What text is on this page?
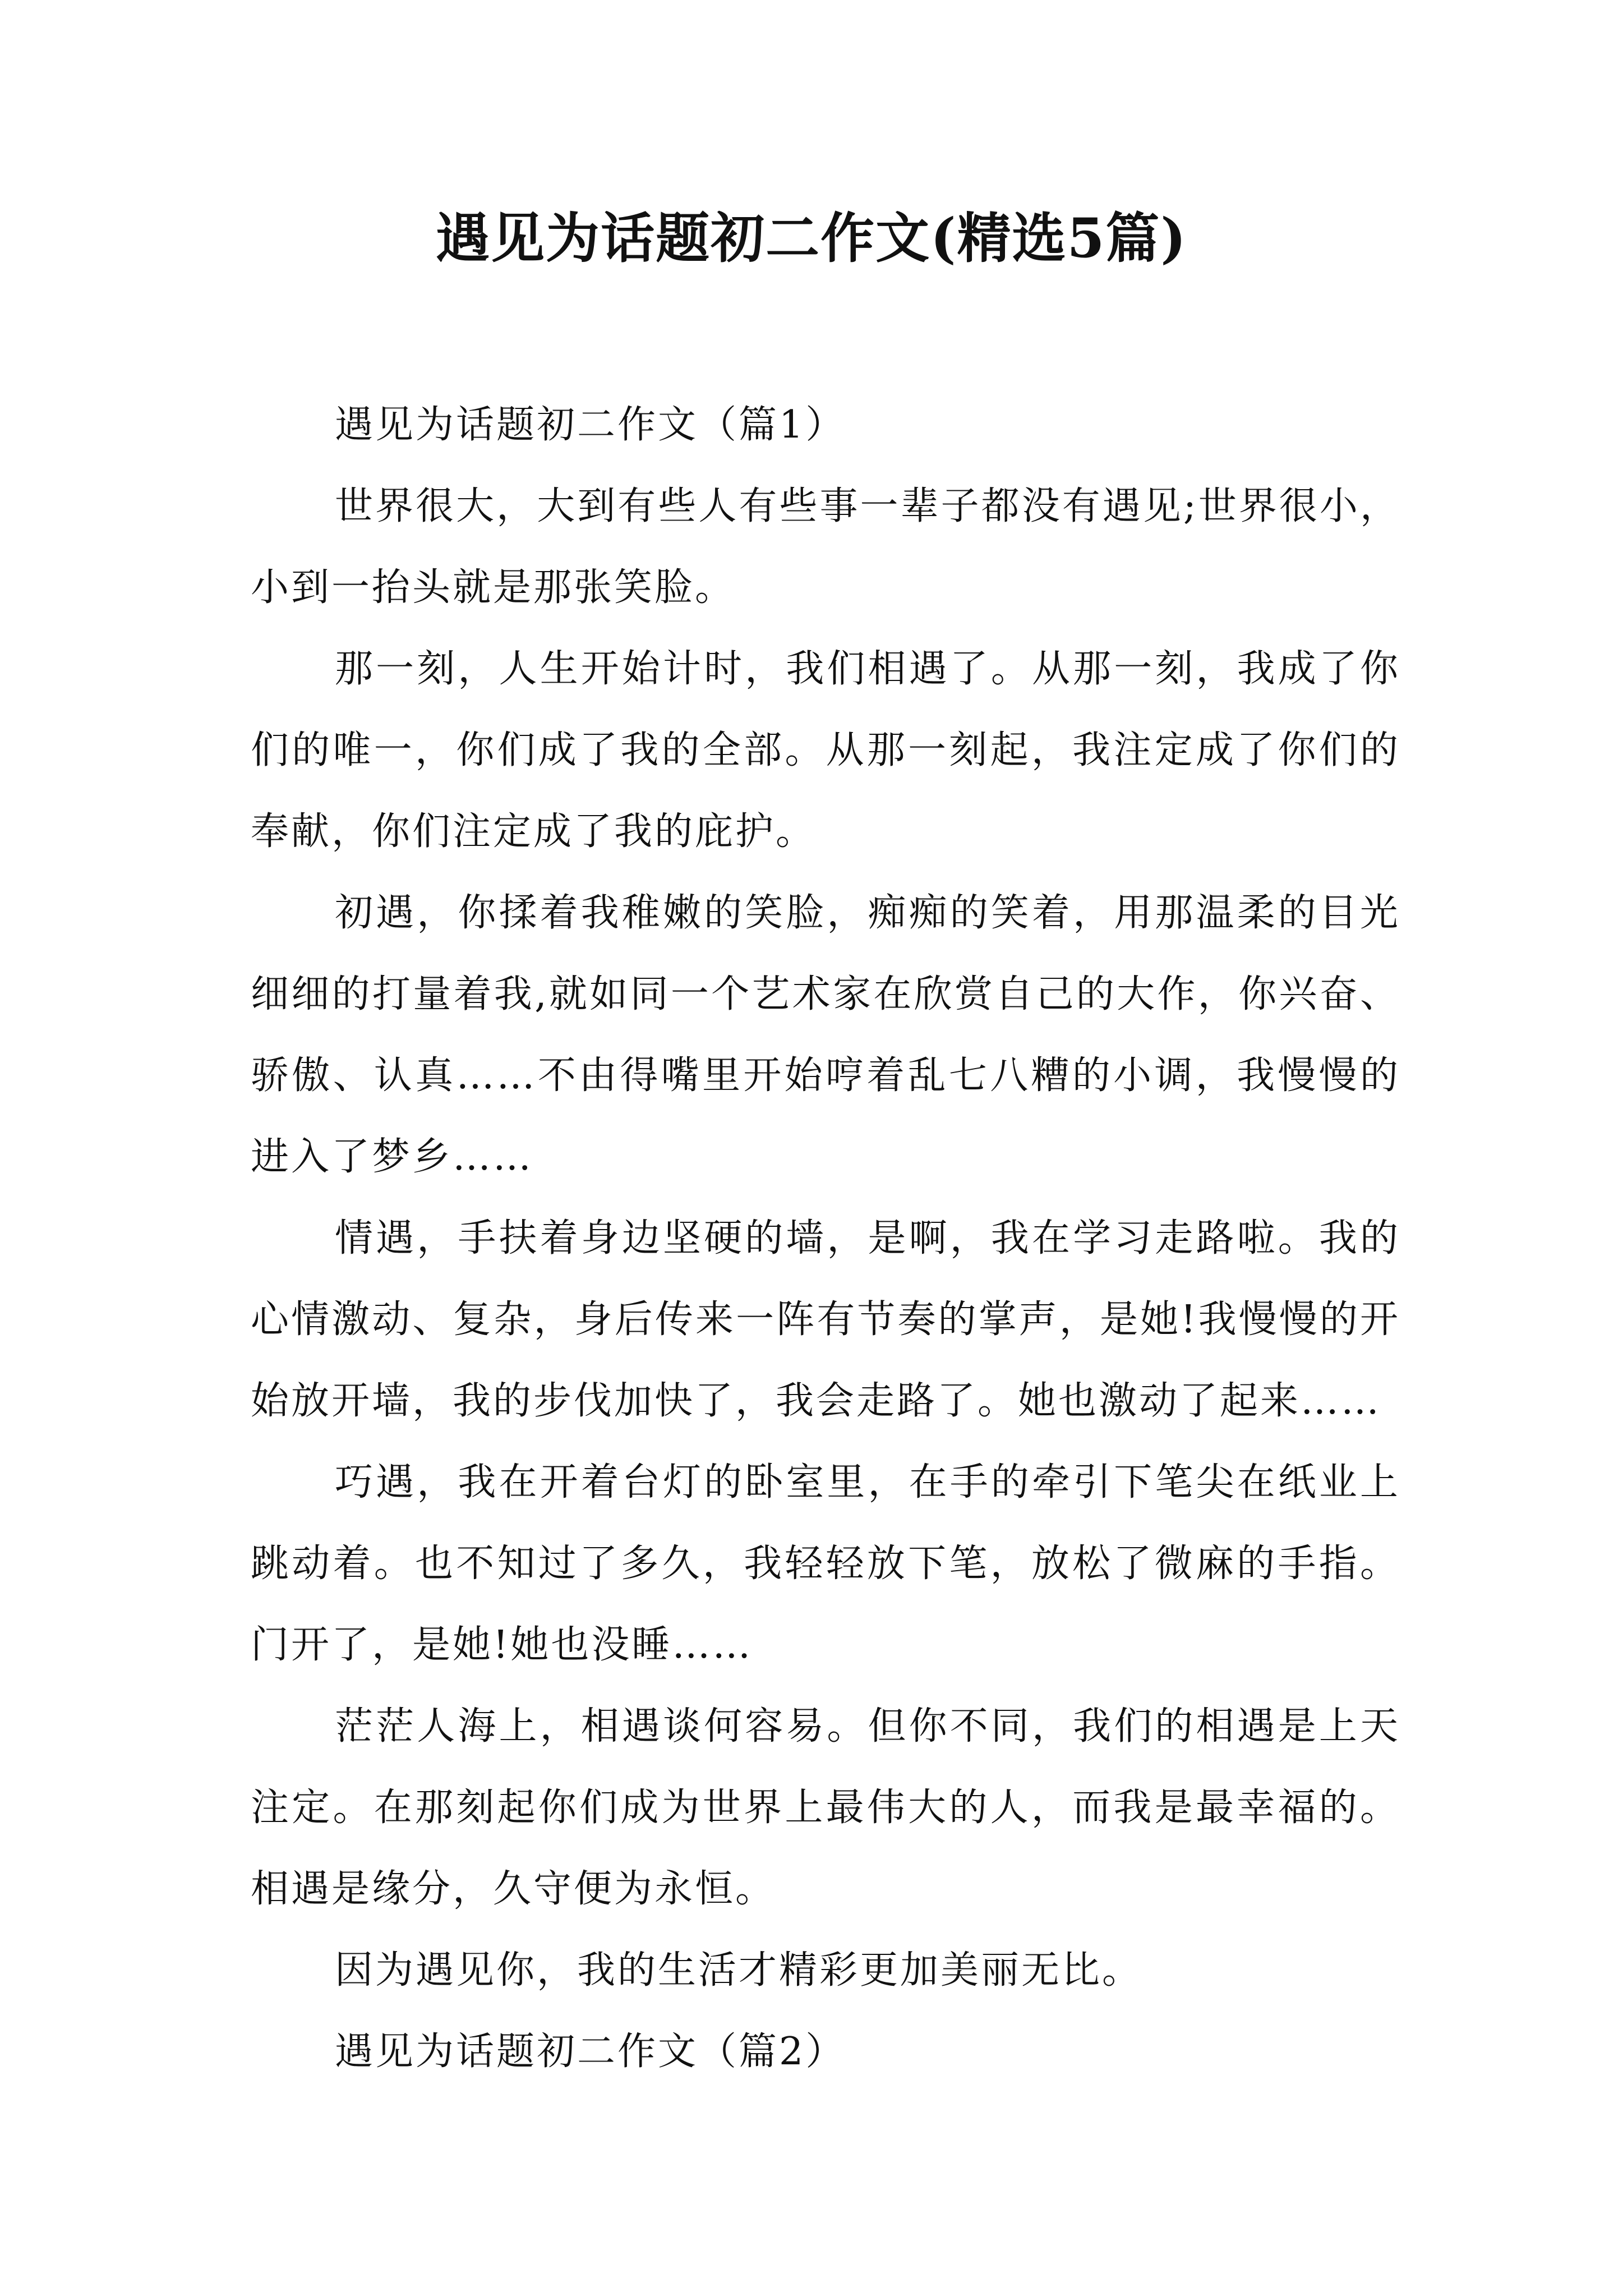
遇见为话题初二作文(精选5篇)

遇见为话题初二作文（篇1）

世界很大，大到有些人有些事一辈子都没有遇见;世界很小，小到一抬头就是那张笑脸。

那一刻，人生开始计时，我们相遇了。从那一刻，我成了你们的唯一，你们成了我的全部。从那一刻起，我注定成了你们的奉献，你们注定成了我的庇护。

初遇，你揉着我稚嫩的笑脸，痴痴的笑着，用那温柔的目光细细的打量着我,就如同一个艺术家在欣赏自己的大作，你兴奋、骄傲、认真……不由得嘴里开始哼着乱七八糟的小调，我慢慢的进入了梦乡……

情遇，手扶着身边坚硬的墙，是啊，我在学习走路啦。我的心情激动、复杂，身后传来一阵有节奏的掌声，是她!我慢慢的开始放开墙，我的步伐加快了，我会走路了。她也激动了起来……

巧遇，我在开着台灯的卧室里，在手的牵引下笔尖在纸业上跳动着。也不知过了多久，我轻轻放下笔，放松了微麻的手指。门开了，是她!她也没睡……

茫茫人海上，相遇谈何容易。但你不同，我们的相遇是上天注定。在那刻起你们成为世界上最伟大的人，而我是最幸福的。相遇是缘分，久守便为永恒。

因为遇见你，我的生活才精彩更加美丽无比。

遇见为话题初二作文（篇2）
